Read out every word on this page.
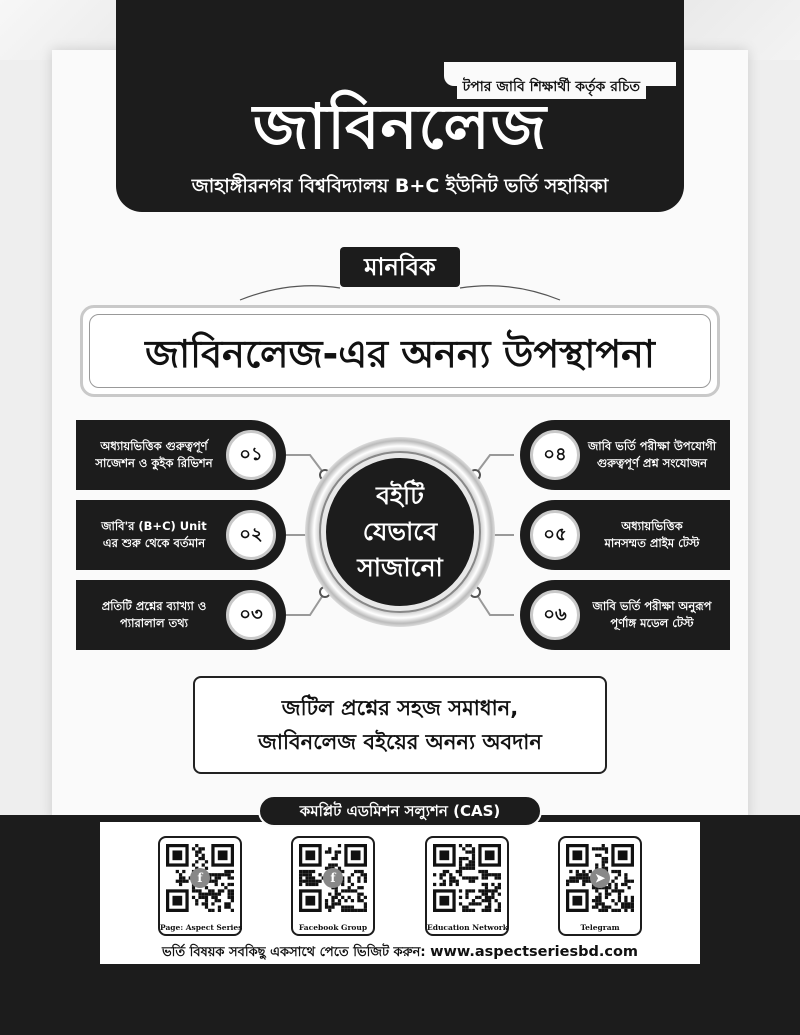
টপার জাবি শিক্ষার্থী কর্তৃক রচিত
জাবিনলেজ
জাহাঙ্গীরনগর বিশ্ববিদ্যালয় B+C ইউনিট ভর্তি সহায়িকা
মানবিক
জাবিনলেজ-এর অনন্য উপস্থাপনা
অধ্যায়ভিত্তিক গুরুত্বপূর্ণ
সাজেশন ও কুইক রিভিশন	০১
জাবি'র (B+C) Unit
এর শুরু থেকে বর্তমান	০২
প্রতিটি প্রশ্নের ব্যাখ্যা ও
প্যারালাল তথ্য	০৩
০৪	জাবি ভর্তি পরীক্ষা উপযোগী
গুরুত্বপূর্ণ প্রশ্ন সংযোজন
০৫	অধ্যায়ভিত্তিক
মানসম্মত প্রাইম টেস্ট
০৬	জাবি ভর্তি পরীক্ষা অনুরূপ
পূর্ণাঙ্গ মডেল টেস্ট
বইটি
যেভাবে
সাজানো
জটিল প্রশ্নের সহজ সমাধান,
জাবিনলেজ বইয়ের অনন্য অবদান
কমপ্লিট এডমিশন সল্যুশন (CAS)
f
Page: Aspect Series
f
Facebook Group	Education Network
➤
Telegram
ভর্তি বিষয়ক সবকিছু একসাথে পেতে ভিজিট করুন: www.aspectseriesbd.com
